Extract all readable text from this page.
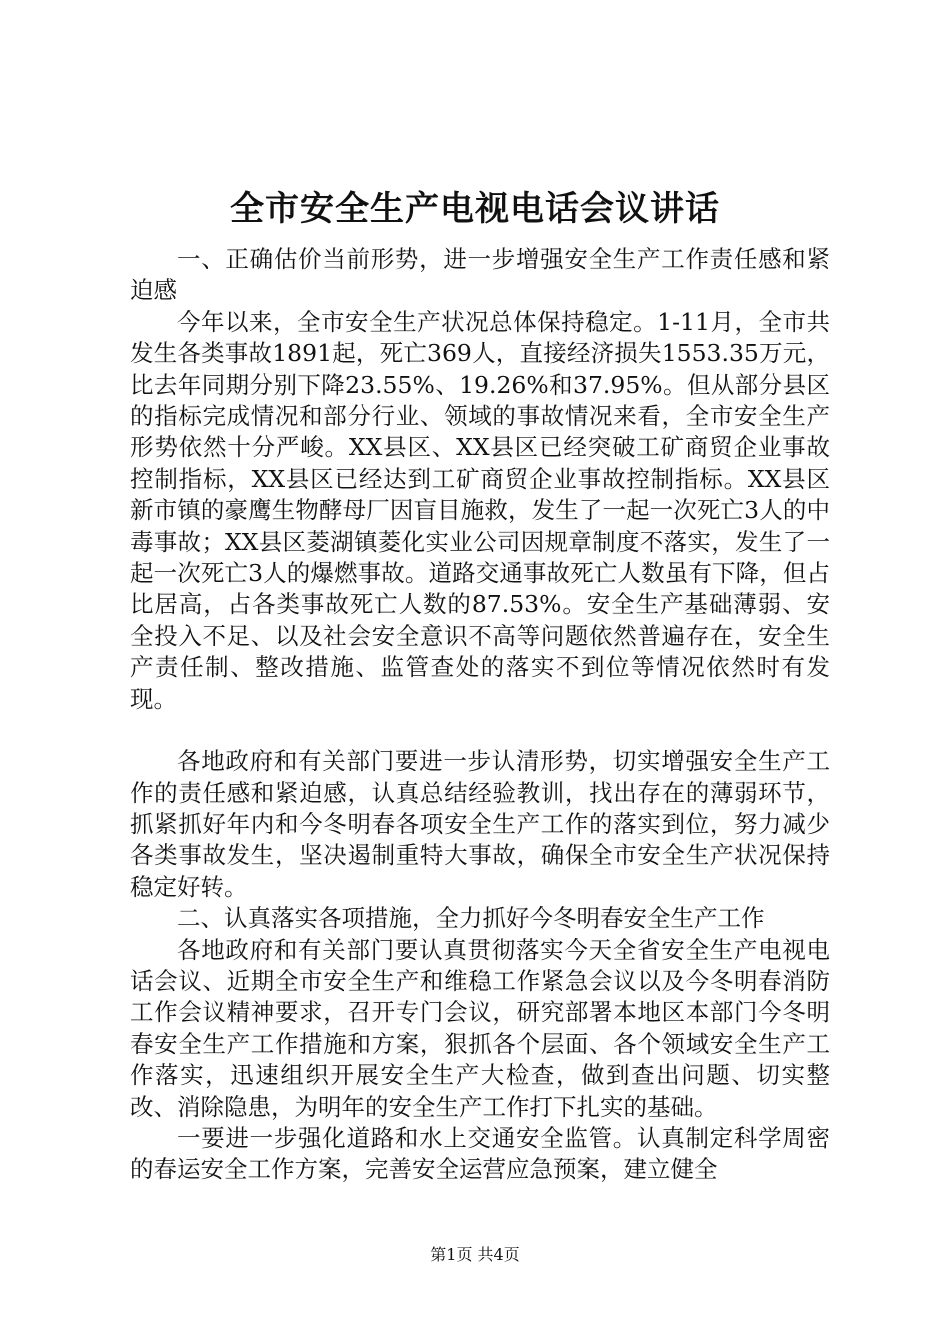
全市安全生产电视电话会议讲话

一、正确估价当前形势，进一步增强安全生产工作责任感和紧迫感

今年以来，全市安全生产状况总体保持稳定。1-11月，全市共发生各类事故1891起，死亡369人，直接经济损失1553.35万元，比去年同期分别下降23.55%、19.26%和37.95%。但从部分县区的指标完成情况和部分行业、领域的事故情况来看，全市安全生产形势依然十分严峻。XX县区、XX县区已经突破工矿商贸企业事故控制指标，XX县区已经达到工矿商贸企业事故控制指标。XX县区新市镇的豪鹰生物酵母厂因盲目施救，发生了一起一次死亡3人的中毒事故；XX县区菱湖镇菱化实业公司因规章制度不落实，发生了一起一次死亡3人的爆燃事故。道路交通事故死亡人数虽有下降，但占比居高，占各类事故死亡人数的87.53%。安全生产基础薄弱、安全投入不足、以及社会安全意识不高等问题依然普遍存在，安全生产责任制、整改措施、监管查处的落实不到位等情况依然时有发现。

各地政府和有关部门要进一步认清形势，切实增强安全生产工作的责任感和紧迫感，认真总结经验教训，找出存在的薄弱环节，抓紧抓好年内和今冬明春各项安全生产工作的落实到位，努力减少各类事故发生，坚决遏制重特大事故，确保全市安全生产状况保持稳定好转。

二、认真落实各项措施，全力抓好今冬明春安全生产工作

各地政府和有关部门要认真贯彻落实今天全省安全生产电视电话会议、近期全市安全生产和维稳工作紧急会议以及今冬明春消防工作会议精神要求，召开专门会议，研究部署本地区本部门今冬明春安全生产工作措施和方案，狠抓各个层面、各个领域安全生产工作落实，迅速组织开展安全生产大检查，做到查出问题、切实整改、消除隐患，为明年的安全生产工作打下扎实的基础。

一要进一步强化道路和水上交通安全监管。认真制定科学周密的春运安全工作方案，完善安全运营应急预案，建立健全

第1页 共4页
